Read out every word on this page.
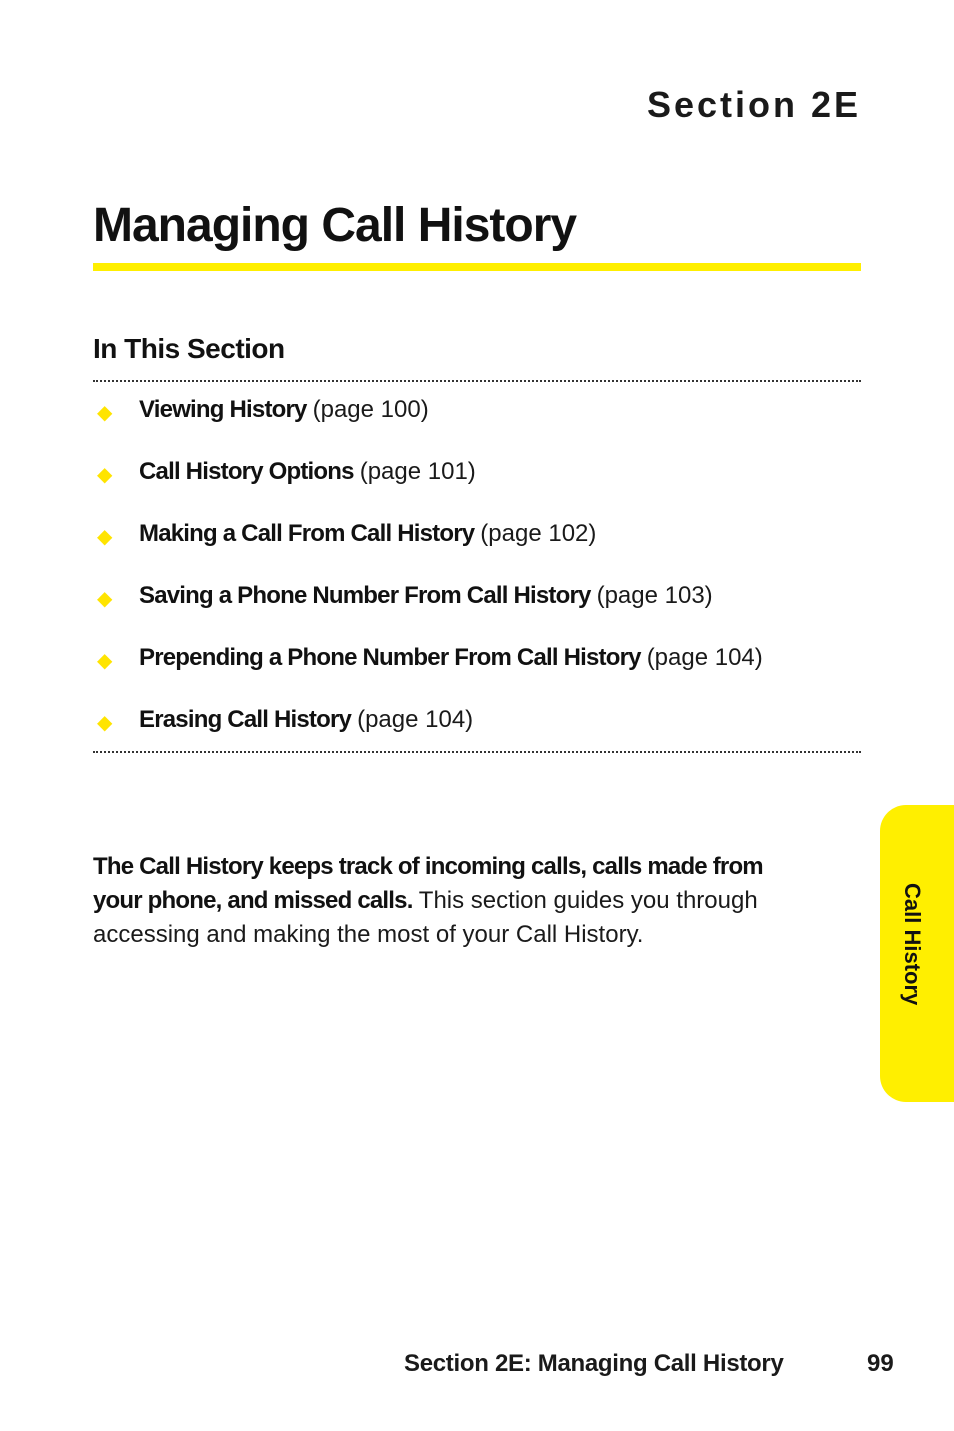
Section 2E
Managing Call History
In This Section
◆	Viewing History (page 100)
◆	Call History Options (page 101)
◆	Making a Call From Call History (page 102)
◆	Saving a Phone Number From Call History (page 103)
◆	Prepending a Phone Number From Call History (page 104)
◆	Erasing Call History (page 104)

The Call History keeps track of incoming calls, calls made from your phone, and missed calls. This section guides you through accessing and making the most of your Call History.	Call History
Section 2E: Managing Call History	99
